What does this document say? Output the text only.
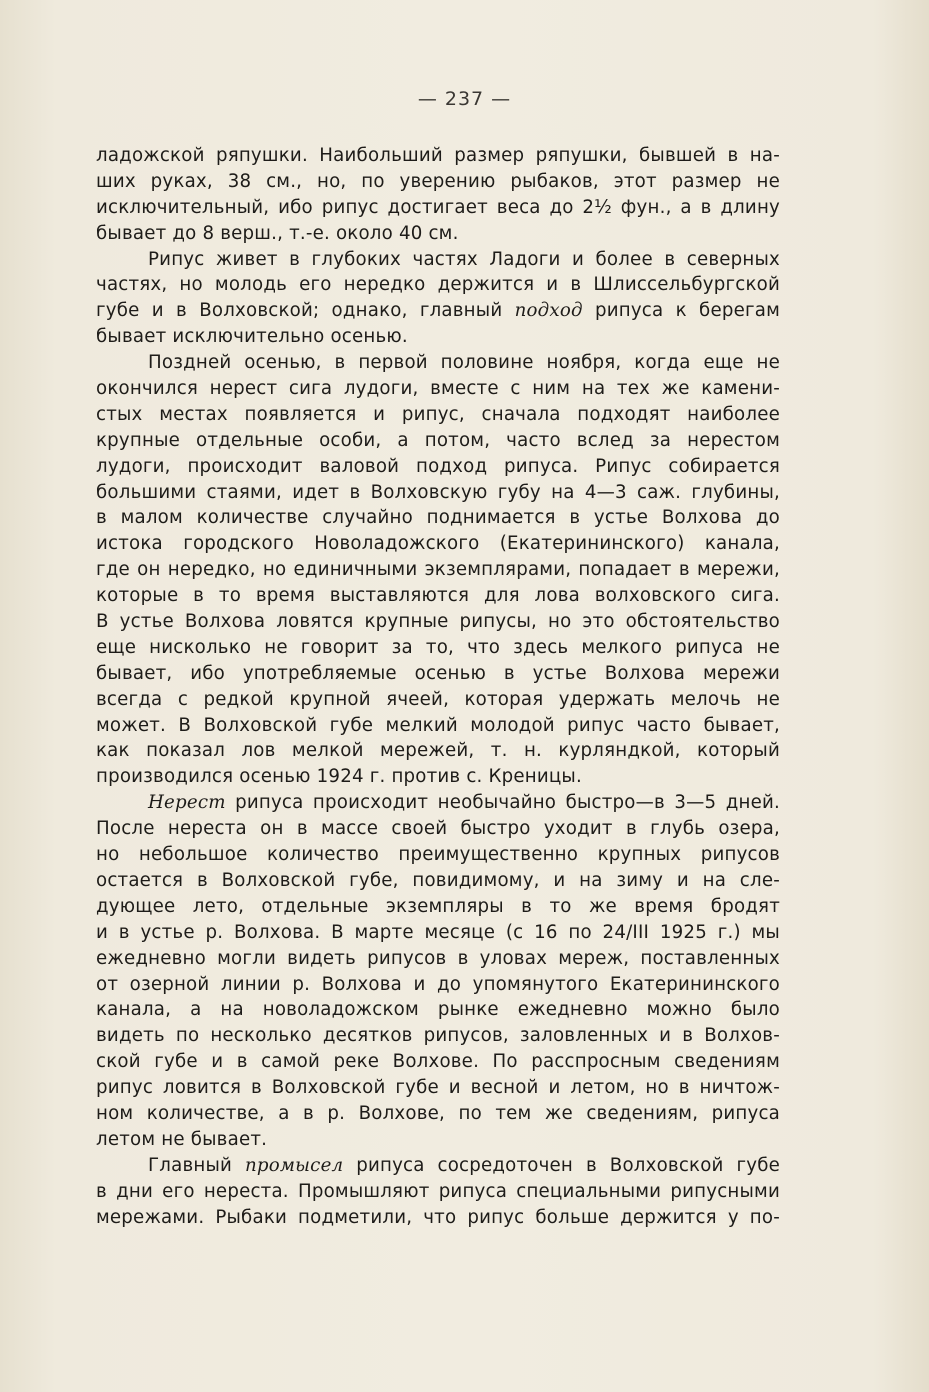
— 237 —
ладожской ряпушки. Наибольший размер ряпушки, бывшей в на-
ших руках, 38 см., но, по уверению рыбаков, этот размер не
исключительный, ибо рипус достигает веса до 2½ фун., а в длину
бывает до 8 верш., т.-е. около 40 см.
Рипус живет в глубоких частях Ладоги и более в северных
частях, но молодь его нередко держится и в Шлиссельбургской
губе и в Волховской; однако, главный подход рипуса к берегам
бывает исключительно осенью.
Поздней осенью, в первой половине ноября, когда еще не
окончился нерест сига лудоги, вместе с ним на тех же камени-
стых местах появляется и рипус, сначала подходят наиболее
крупные отдельные особи, а потом, часто вслед за нерестом
лудоги, происходит валовой подход рипуса. Рипус собирается
большими стаями, идет в Волховскую губу на 4—3 саж. глубины,
в малом количестве случайно поднимается в устье Волхова до
истока городского Новоладожского (Екатерининского) канала,
где он нередко, но единичными экземплярами, попадает в мережи,
которые в то время выставляются для лова волховского сига.
В устье Волхова ловятся крупные рипусы, но это обстоятельство
еще нисколько не говорит за то, что здесь мелкого рипуса не
бывает, ибо употребляемые осенью в устье Волхова мережи
всегда с редкой крупной ячеей, которая удержать мелочь не
может. В Волховской губе мелкий молодой рипус часто бывает,
как показал лов мелкой мережей, т. н. курляндкой, который
производился осенью 1924 г. против с. Креницы.
Нерест рипуса происходит необычайно быстро—в 3—5 дней.
После нереста он в массе своей быстро уходит в глубь озера,
но небольшое количество преимущественно крупных рипусов
остается в Волховской губе, повидимому, и на зиму и на сле-
дующее лето, отдельные экземпляры в то же время бродят
и в устье р. Волхова. В марте месяце (с 16 по 24/III 1925 г.) мы
ежедневно могли видеть рипусов в уловах мереж, поставленных
от озерной линии р. Волхова и до упомянутого Екатерининского
канала, а на новоладожском рынке ежедневно можно было
видеть по несколько десятков рипусов, заловленных и в Волхов-
ской губе и в самой реке Волхове. По расспросным сведениям
рипус ловится в Волховской губе и весной и летом, но в ничтож-
ном количестве, а в р. Волхове, по тем же сведениям, рипуса
летом не бывает.
Главный промысел рипуса сосредоточен в Волховской губе
в дни его нереста. Промышляют рипуса специальными рипусными
мережами. Рыбаки подметили, что рипус больше держится у по-
